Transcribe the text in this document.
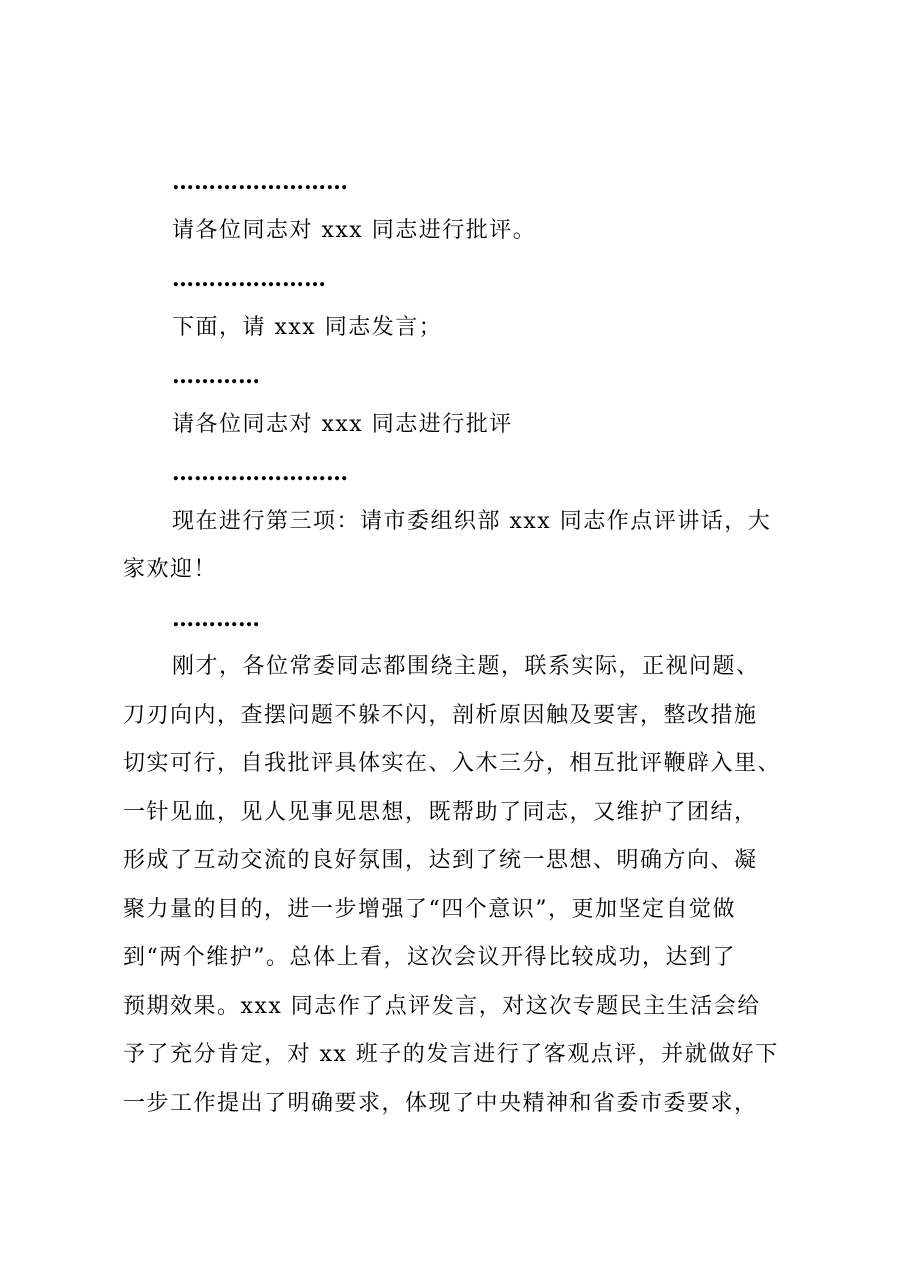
……………………
请各位同志对 xxx 同志进行批评。
…………………
下面，请 xxx 同志发言；
…………
请各位同志对 xxx 同志进行批评
……………………
现在进行第三项：请市委组织部 xxx 同志作点评讲话，大
家欢迎！
…………
刚才，各位常委同志都围绕主题，联系实际，正视问题、
刀刃向内，查摆问题不躲不闪，剖析原因触及要害，整改措施
切实可行，自我批评具体实在、入木三分，相互批评鞭辟入里、
一针见血，见人见事见思想，既帮助了同志，又维护了团结，
形成了互动交流的良好氛围，达到了统一思想、明确方向、凝
聚力量的目的，进一步增强了“四个意识”，更加坚定自觉做
到“两个维护”。总体上看，这次会议开得比较成功，达到了
预期效果。xxx 同志作了点评发言，对这次专题民主生活会给
予了充分肯定，对 xx 班子的发言进行了客观点评，并就做好下
一步工作提出了明确要求，体现了中央精神和省委市委要求，
